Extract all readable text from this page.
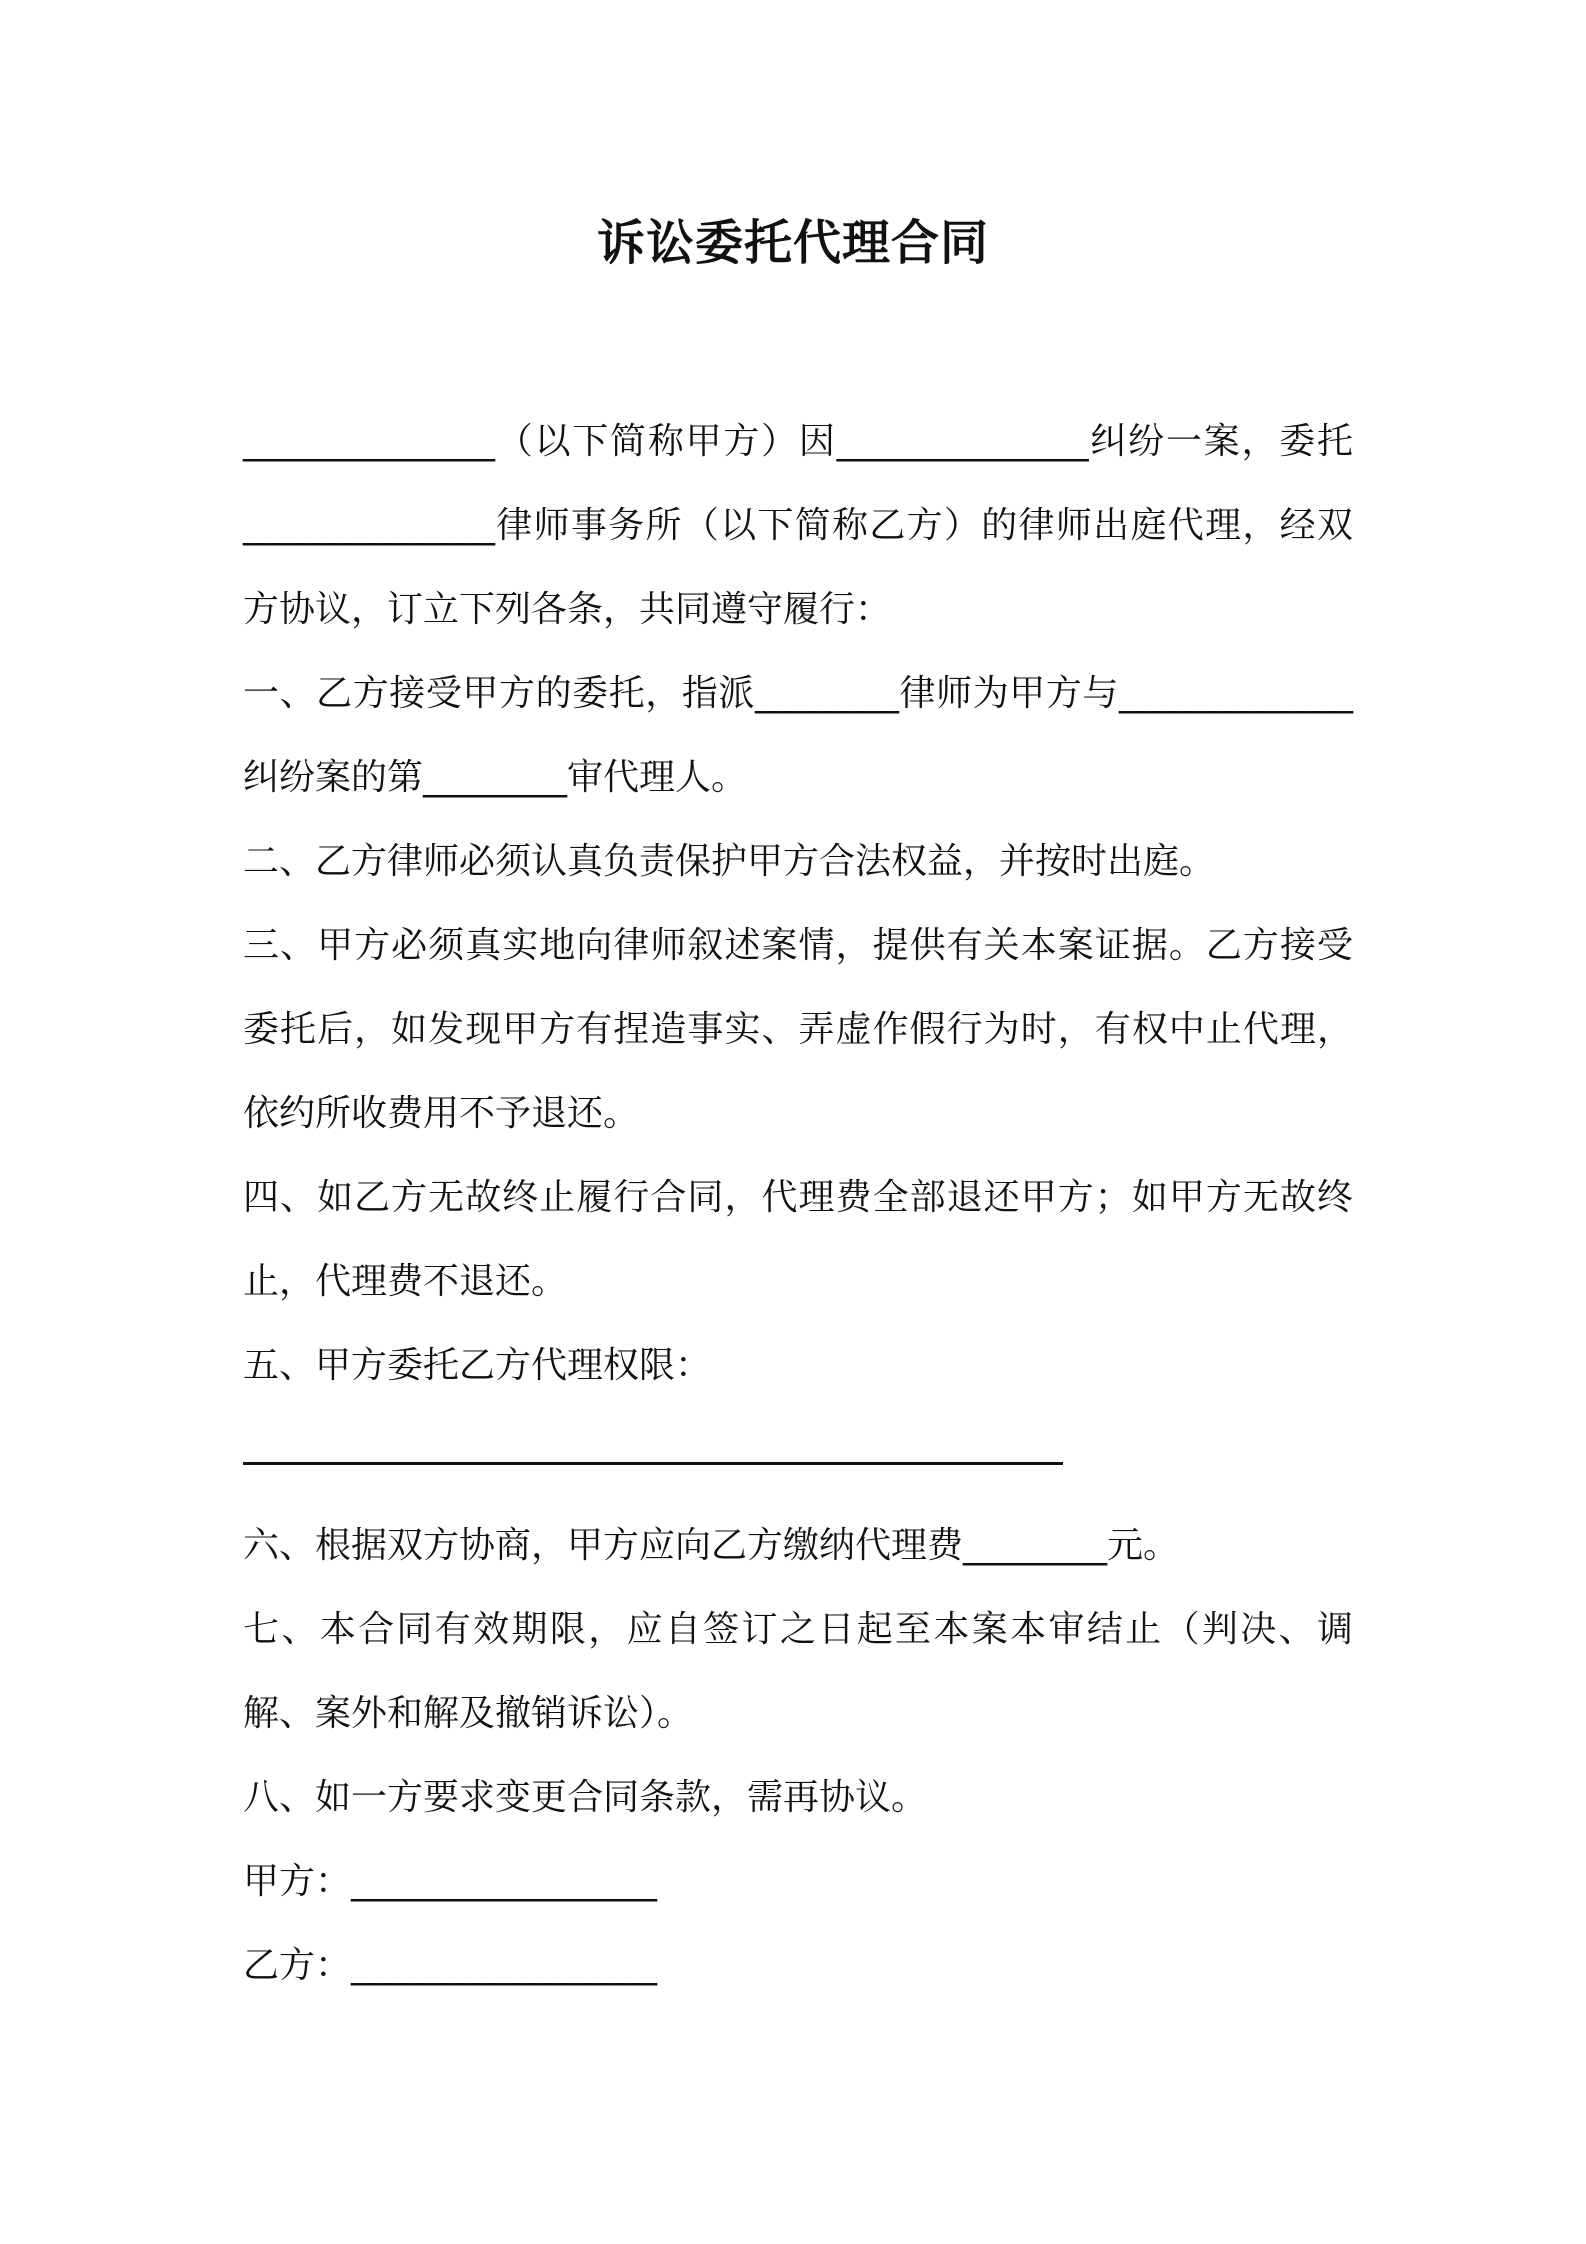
诉讼委托代理合同

______________（以下简称甲方）因______________纠纷一案，委托______________律师事务所（以下简称乙方）的律师出庭代理，经双方协议，订立下列各条，共同遵守履行：

一、乙方接受甲方的委托，指派________律师为甲方与_____________纠纷案的第________审代理人。

二、乙方律师必须认真负责保护甲方合法权益，并按时出庭。

三、甲方必须真实地向律师叙述案情，提供有关本案证据。乙方接受委托后，如发现甲方有捏造事实、弄虚作假行为时，有权中止代理，依约所收费用不予退还。

四、如乙方无故终止履行合同，代理费全部退还甲方；如甲方无故终止，代理费不退还。

五、甲方委托乙方代理权限：

六、根据双方协商，甲方应向乙方缴纳代理费________元。

七、本合同有效期限，应自签订之日起至本案本审结止（判决、调解、案外和解及撤销诉讼）。

八、如一方要求变更合同条款，需再协议。

甲方：_________________

乙方：_________________
